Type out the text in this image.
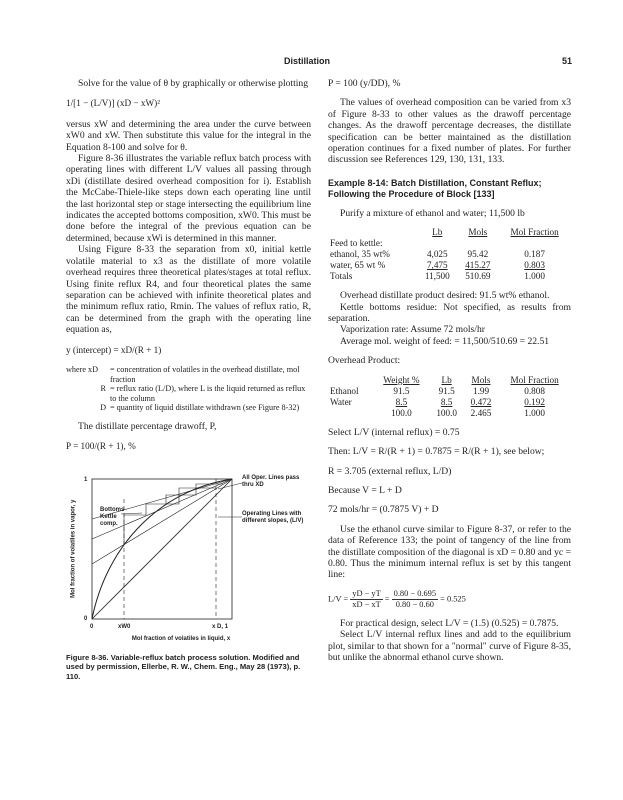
Distillation	51

Solve for the value of θ by graphically or otherwise plotting

1/[1 − (L/V)] (xD − xW)²

versus xW and determining the area under the curve between xW0 and xW. Then substitute this value for the integral in the Equation 8-100 and solve for θ.

Figure 8-36 illustrates the variable reflux batch process with operating lines with different L/V values all passing through xDi (distillate desired overhead composition for i). Establish the McCabe-Thiele-like steps down each operating line until the last horizontal step or stage intersecting the equilibrium line indicates the accepted bottoms composition, xW0. This must be done before the integral of the previous equation can be determined, because xWi is determined in this manner.

Using Figure 8-33 the separation from x0, initial kettle volatile material to x3 as the distillate of more volatile overhead requires three theoretical plates/stages at total reflux. Using finite reflux R4, and four theoretical plates the same separation can be achieved with infinite theoretical plates and the minimum reflux ratio, Rmin. The values of reflux ratio, R, can be determined from the graph with the operating line equation as,

y (intercept) = xD/(R + 1)
where xD	= concentration of volatiles in the overhead distillate, mol fraction
R = reflux ratio (L/D), where L is the liquid returned as reflux to the column
D = quantity of liquid distillate withdrawn (see Figure 8-32)

The distillate percentage drawoff, P,

P = 100/(R + 1), %
1
0
0	xW0	x D, 1
Mol fraction of volatiles in liquid, x
Mol fraction of volatiles in vapor, y
All Oper. Lines pass thru XD
Bottoms Kettle comp.
Operating Lines with different slopes, (L/V)
Figure 8-36. Variable-reflux batch process solution. Modified and used by permission, Ellerbe, R. W., Chem. Eng., May 28 (1973), p. 110.
P = 100 (y/DD), %

The values of overhead composition can be varied from x3 of Figure 8-33 to other values as the drawoff percentage changes. As the drawoff percentage decreases, the distillate specification can be better maintained as the distillation operation continues for a fixed number of plates. For further discussion see References 129, 130, 131, 133.

Example 8-14: Batch Distillation, Constant Reflux; Following the Procedure of Block [133]

Purify a mixture of ethanol and water; 11,500 lb

	Lb	Mols	Mol Fraction
Feed to kettle:			
ethanol, 35 wt%	4,025	95.42	0.187
water, 65 wt %	7,475	415.27	0.803
Totals	11,500	510.69	1.000

Overhead distillate product desired: 91.5 wt% ethanol.

Kettle bottoms residue: Not specified, as results from separation.

Vaporization rate: Assume 72 mols/hr

Average mol. weight of feed: = 11,500/510.69 = 22.51

Overhead Product:
	Weight %	Lb	Mols	Mol Fraction
Ethanol	91.5	91.5	1.99	0.808
Water	8.5	8.5	0.472	0.192
	100.0	100.0	2.465	1.000
Select L/V (internal reflux) = 0.75
Then: L/V = R/(R + 1) = 0.7875 = R/(R + 1), see below;
R = 3.705 (external reflux, L/D)
Because V = L + D
72 mols/hr = (0.7875 V) + D

Use the ethanol curve similar to Figure 8-37, or refer to the data of Reference 133; the point of tangency of the line from the distillate composition of the diagonal is xD = 0.80 and yc = 0.80. Thus the minimum internal reflux is set by this tangent line:

$L/V = \frac{yD - yT}{xD - xT} = \frac{0.80 - 0.695}{0.80 - 0.60} = 0.525$

For practical design, select L/V = (1.5) (0.525) = 0.7875.

Select L/V internal reflux lines and add to the equilibrium plot, similar to that shown for a "normal" curve of Figure 8-35, but unlike the abnormal ethanol curve shown.
